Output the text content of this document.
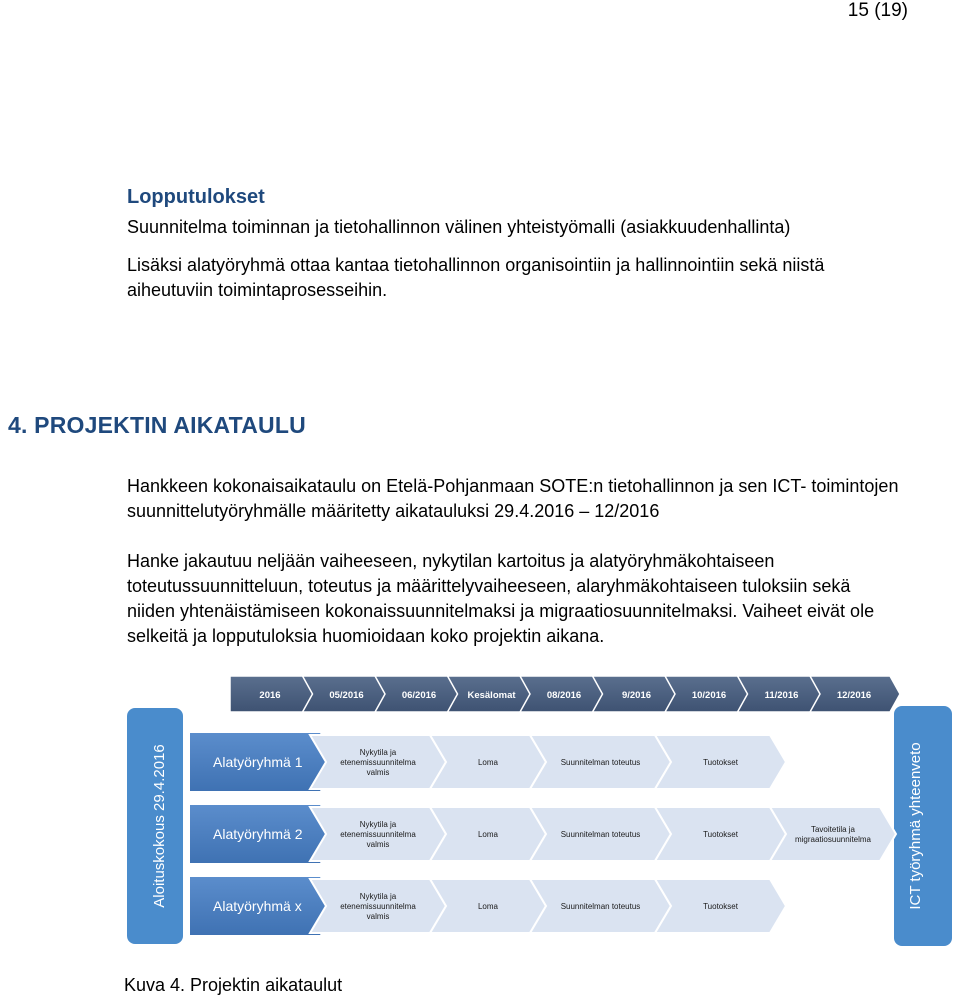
15 (19)
Lopputulokset
Suunnitelma toiminnan ja tietohallinnon välinen yhteistyömalli (asiakkuudenhallinta)
Lisäksi alatyöryhmä ottaa kantaa tietohallinnon organisointiin ja hallinnointiin sekä niistä
aiheutuviin toimintaprosesseihin.
4. PROJEKTIN AIKATAULU
Hankkeen kokonaisaikataulu on Etelä-Pohjanmaan SOTE:n tietohallinnon ja sen ICT- toimintojen
suunnittelutyöryhmälle määritetty aikatauluksi 29.4.2016 – 12/2016
Hanke jakautuu neljään vaiheeseen, nykytilan kartoitus ja alatyöryhmäkohtaiseen
toteutussuunnitteluun, toteutus ja määrittelyvaiheeseen, alaryhmäkohtaiseen tuloksiin sekä
niiden yhtenäistämiseen kokonaissuunnitelmaksi ja migraatiosuunnitelmaksi. Vaiheet eivät ole
selkeitä ja lopputuloksia huomioidaan koko projektin aikana.
2016	05/2016	06/2016	Kesälomat	08/2016	9/2016	10/2016	11/2016	12/2016
Aloituskokous 29.4.2016	ICT työryhmä yhteenveto
Alatyöryhmä 1
Nykytila ja
etenemissuunnitelma
valmis
Loma	Suunnitelman toteutus	Tuotokset
Alatyöryhmä 2
Nykytila ja
etenemissuunnitelma
valmis
Loma	Suunnitelman toteutus	Tuotokset
Tavoitetila ja
migraatiosuunnitelma
Alatyöryhmä x
Nykytila ja
etenemissuunnitelma
valmis
Loma	Suunnitelman toteutus	Tuotokset
Kuva 4. Projektin aikataulut
